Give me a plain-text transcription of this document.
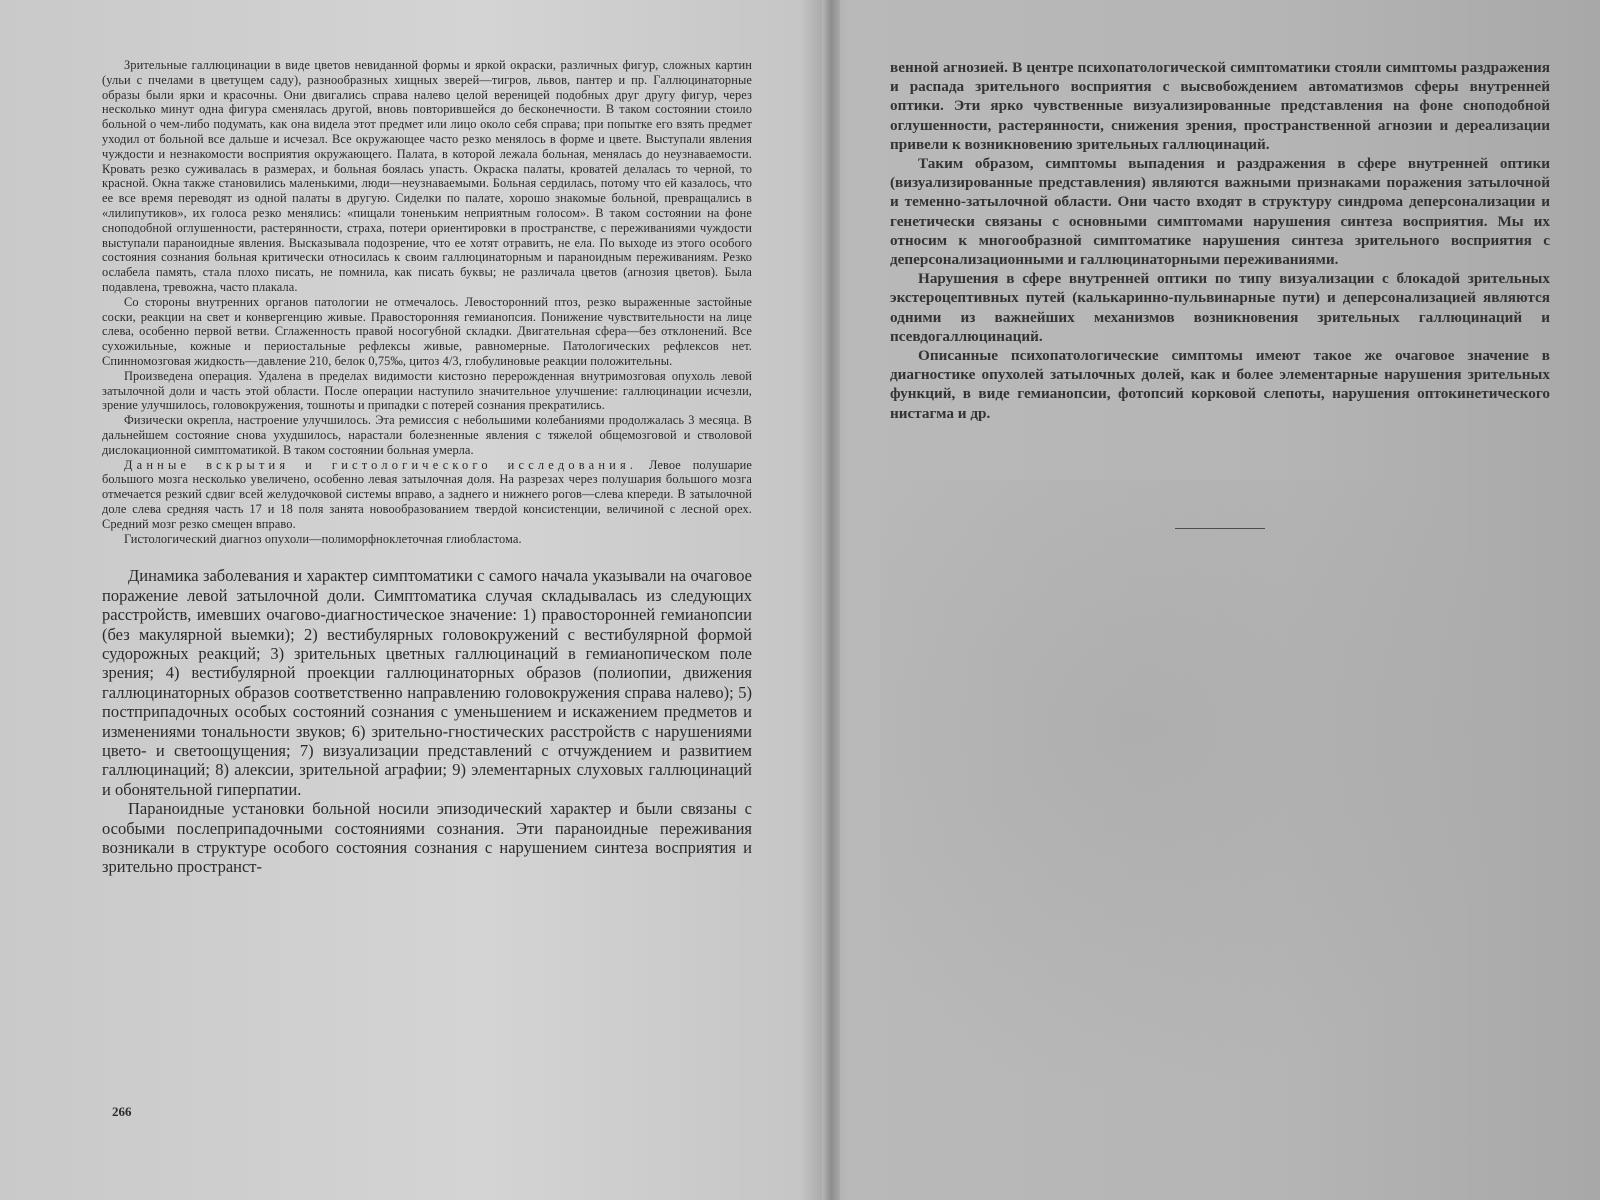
Зрительные галлюцинации в виде цветов невиданной формы и яркой окраски, различных фигур, сложных картин (ульи с пчелами в цветущем саду), разнообразных хищных зверей—тигров, львов, пантер и пр. Галлюцинаторные образы были ярки и красочны. Они двигались справа налево целой вереницей подобных друг другу фигур, через несколько минут одна фигура сменялась другой, вновь повторившейся до бесконечности. В таком состоянии стоило больной о чем-либо подумать, как она видела этот предмет или лицо около себя справа; при попытке его взять предмет уходил от больной все дальше и исчезал. Все окружающее часто резко менялось в форме и цвете. Выступали явления чуждости и незнакомости восприятия окружающего. Палата, в которой лежала больная, менялась до неузнаваемости. Кровать резко суживалась в размерах, и больная боялась упасть. Окраска палаты, кроватей делалась то черной, то красной. Окна также становились маленькими, люди—неузнаваемыми. Больная сердилась, потому что ей казалось, что ее все время переводят из одной палаты в другую. Сиделки по палате, хорошо знакомые больной, превращались в «лилипутиков», их голоса резко менялись: «пищали тоненьким неприятным голосом». В таком состоянии на фоне сноподобной оглушенности, растерянности, страха, потери ориентировки в пространстве, с переживаниями чуждости выступали параноидные явления. Высказывала подозрение, что ее хотят отравить, не ела. По выходе из этого особого состояния сознания больная критически относилась к своим галлюцинаторным и параноидным переживаниям. Резко ослабела память, стала плохо писать, не помнила, как писать буквы; не различала цветов (агнозия цветов). Была подавлена, тревожна, часто плакала.

Со стороны внутренних органов патологии не отмечалось. Левосторонний птоз, резко выраженные застойные соски, реакции на свет и конвергенцию живые. Правосторонняя гемианопсия. Понижение чувствительности на лице слева, особенно первой ветви. Сглаженность правой носогубной складки. Двигательная сфера—без отклонений. Все сухожильные, кожные и периостальные рефлексы живые, равномерные. Патологических рефлексов нет. Спинномозговая жидкость—давление 210, белок 0,75‰, цитоз 4/3, глобулиновые реакции положительны.

Произведена операция. Удалена в пределах видимости кистозно перерожденная внутримозговая опухоль левой затылочной доли и часть этой области. После операции наступило значительное улучшение: галлюцинации исчезли, зрение улучшилось, головокружения, тошноты и припадки с потерей сознания прекратились.

Физически окрепла, настроение улучшилось. Эта ремиссия с небольшими колебаниями продолжалась 3 месяца. В дальнейшем состояние снова ухудшилось, нарастали болезненные явления с тяжелой общемозговой и стволовой дислокационной симптоматикой. В таком состоянии больная умерла.

Данные вскрытия и гистологического исследования. Левое полушарие большого мозга несколько увеличено, особенно левая затылочная доля. На разрезах через полушария большого мозга отмечается резкий сдвиг всей желудочковой системы вправо, а заднего и нижнего рогов—слева кпереди. В затылочной доле слева средняя часть 17 и 18 поля занята новообразованием твердой консистенции, величиной с лесной орех. Средний мозг резко смещен вправо.

Гистологический диагноз опухоли—полиморфноклеточная глиобластома.

Динамика заболевания и характер симптоматики с самого начала указывали на очаговое поражение левой затылочной доли. Симптоматика случая складывалась из следующих расстройств, имевших очагово-диагностическое значение: 1) правосторонней гемианопсии (без макулярной выемки); 2) вестибулярных головокружений с вестибулярной формой судорожных реакций; 3) зрительных цветных галлюцинаций в гемианопическом поле зрения; 4) вестибулярной проекции галлюцинаторных образов (полиопии, движения галлюцинаторных образов соответственно направлению головокружения справа налево); 5) постприпадочных особых состояний сознания с уменьшением и искажением предметов и изменениями тональности звуков; 6) зрительно-гностических расстройств с нарушениями цвето- и светоощущения; 7) визуализации представлений с отчуждением и развитием галлюцинаций; 8) алексии, зрительной аграфии; 9) элементарных слуховых галлюцинаций и обонятельной гиперпатии.

Параноидные установки больной носили эпизодический характер и были связаны с особыми послеприпадочными состояниями сознания. Эти параноидные переживания возникали в структуре особого состояния сознания с нарушением синтеза восприятия и зрительно пространст-

266

венной агнозией. В центре психопатологической симптоматики стояли симптомы раздражения и распада зрительного восприятия с высвобождением автоматизмов сферы внутренней оптики. Эти ярко чувственные визуализированные представления на фоне сноподобной оглушенности, растерянности, снижения зрения, пространственной агнозии и дереализации привели к возникновению зрительных галлюцинаций.

Таким образом, симптомы выпадения и раздражения в сфере внутренней оптики (визуализированные представления) являются важными признаками поражения затылочной и теменно-затылочной области. Они часто входят в структуру синдрома деперсонализации и генетически связаны с основными симптомами нарушения синтеза восприятия. Мы их относим к многообразной симптоматике нарушения синтеза зрительного восприятия с деперсонализационными и галлюцинаторными переживаниями.

Нарушения в сфере внутренней оптики по типу визуализации с блокадой зрительных экстероцептивных путей (калькаринно-пульвинарные пути) и деперсонализацией являются одними из важнейших механизмов возникновения зрительных галлюцинаций и псевдогаллюцинаций.

Описанные психопатологические симптомы имеют такое же очаговое значение в диагностике опухолей затылочных долей, как и более элементарные нарушения зрительных функций, в виде гемианопсии, фотопсий корковой слепоты, нарушения оптокинетического нистагма и др.
